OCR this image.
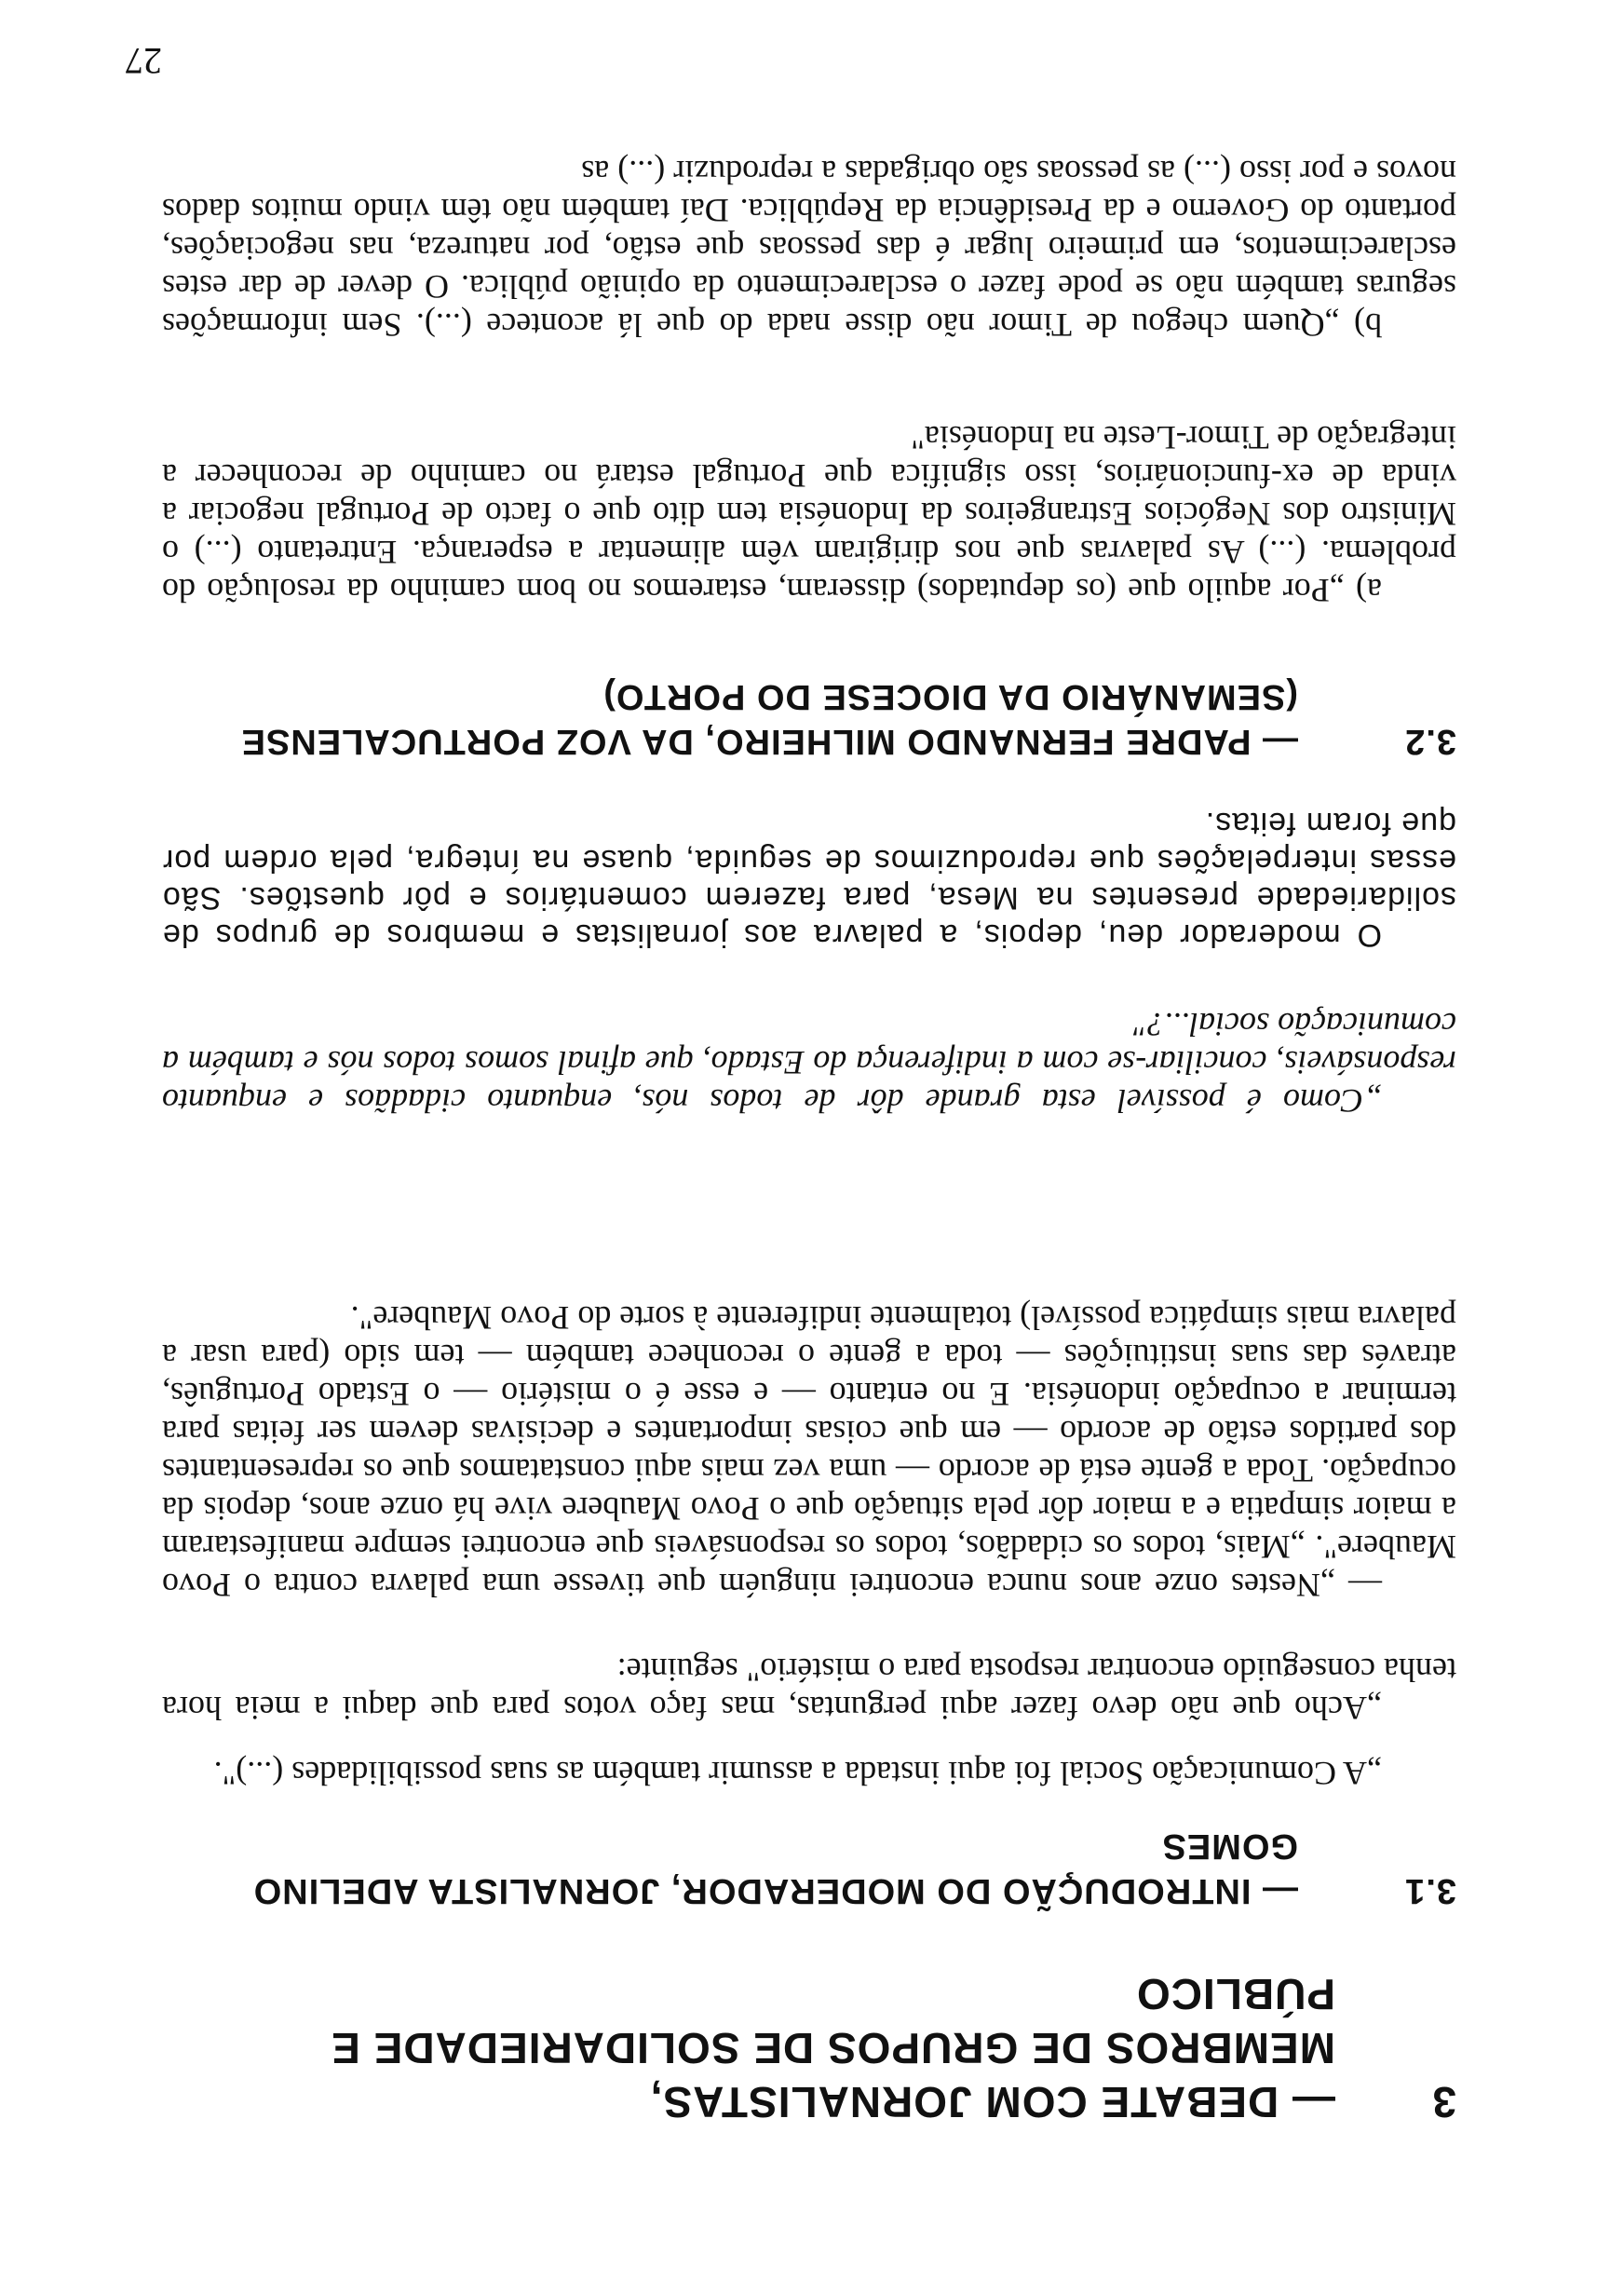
3
— DEBATE COM JORNALISTAS,
MEMBROS DE GRUPOS DE SOLIDARIEDADE E PÚBLICO
3.1
— INTRODUÇÃO DO MODERADOR, JORNALISTA ADELINO GOMES
„A Comunicação Social foi aqui instada a assumir também as suas possibilidades (...)".
„Acho que não devo fazer aqui perguntas, mas faço votos para que daqui a meia hora tenha conseguido encontrar resposta para o mistério" seguinte:
— „Nestes onze anos nunca encontrei ninguém que tivesse uma palavra contra o Povo Maubere". „Mais, todos os cidadãos, todos os responsáveis que encontrei sempre manifestaram a maior simpatia e a maior dôr pela situação que o Povo Maubere vive há onze anos, depois da ocupação. Toda a gente está de acordo — uma vez mais aqui constatamos que os representantes dos partidos estão de acordo — em que coisas importantes e decisivas devem ser feitas para terminar a ocupação indonésia. E no entanto — e esse é o mistério — o Estado Português, através das suas instituições — toda a gente o reconhece também — tem sido (para usar a palavra mais simpática possível) totalmente indiferente à sorte do Povo Maubere".
„Como é possível esta grande dôr de todos nós, enquanto cidadãos e enquanto responsáveis, conciliar-se com a indiferença do Estado, que afinal somos todos nós e também a comunicação social...?"
O moderador deu, depois, a palavra aos jornalistas e membros de grupos de solidariedade presentes na Mesa, para fazerem comentários e pôr questões. São essas interpelações que reproduzimos de seguida, quase na íntegra, pela ordem por que foram feitas.
3.2
— PADRE FERNANDO MILHEIRO, DA VOZ PORTUCALENSE
(SEMANÁRIO DA DIOCESE DO PORTO)
a) „Por aquilo que (os deputados) disseram, estaremos no bom caminho da resolução do problema. (...) As palavras que nos dirigiram vêm alimentar a esperança. Entretanto (...) o Ministro dos Negócios Estrangeiros da Indonésia tem dito que o facto de Portugal negociar a vinda de ex-funcionários, isso significa que Portugal estará no caminho de reconhecer a integração de Timor-Leste na Indonésia"
b) „Quem chegou de Timor não disse nada do que lá acontece (...). Sem informações seguras também não se pode fazer o esclarecimento da opinião pública. O dever de dar estes esclarecimentos, em primeiro lugar é das pessoas que estão, por natureza, nas negociações, portanto do Governo e da Presidência da República. Daí também não têm vindo muitos dados novos e por isso (...) as pessoas são obrigadas a reproduzir (...) as
27
